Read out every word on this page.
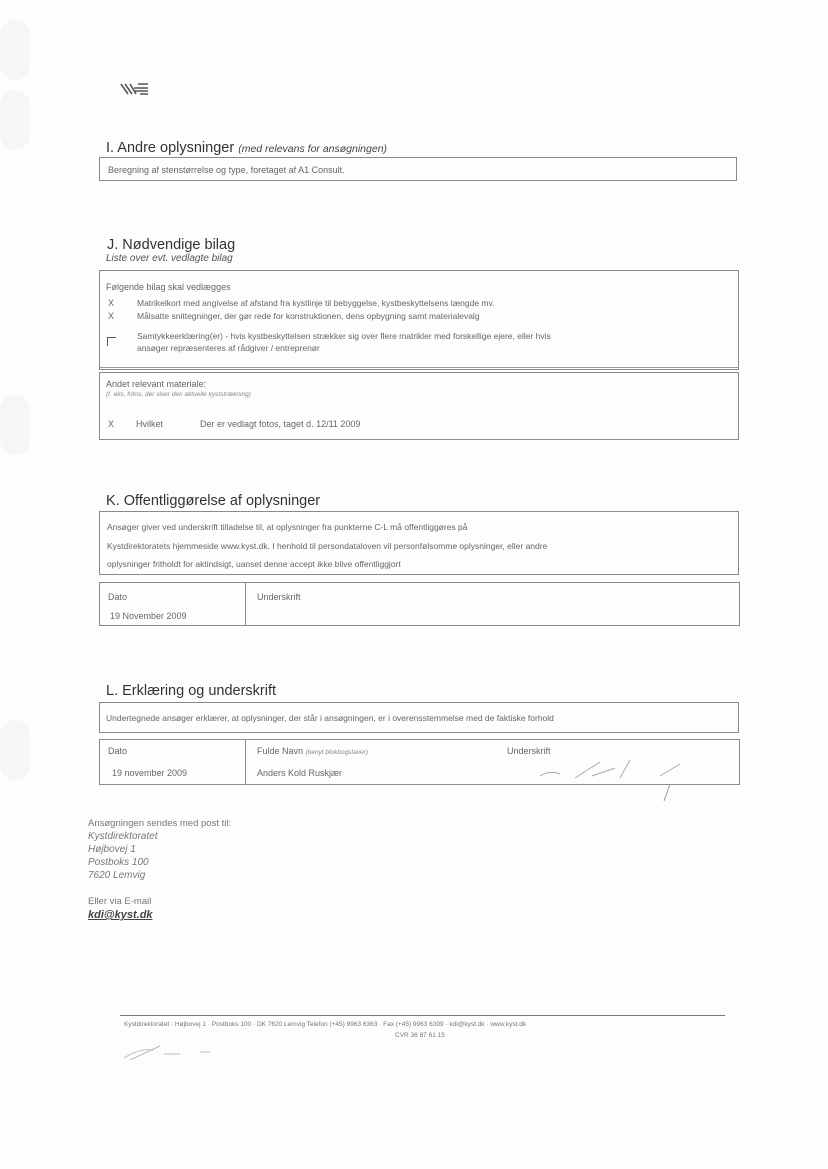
I. Andre oplysninger (med relevans for ansøgningen)
Beregning af stenstørrelse og type, foretaget af A1 Consult.
J. Nødvendige bilag
Liste over evt. vedlagte bilag
Følgende bilag skal vedlægges
X	Matrikelkort med angivelse af afstand fra kystlinje til bebyggelse, kystbeskyttelsens længde mv.
X	Målsatte snittegninger, der gør rede for konstruktionen, dens opbygning samt materialevalg
Samtykkeerklæring(er) - hvis kystbeskyttelsen strækker sig over flere matrikler med forskellige ejere, eller hvis
ansøger repræsenteres af rådgiver / entreprenør
Andet relevant materiale:
(f. eks. fotos, der viser den aktuelle kyststrækning)
X Hvilket	Der er vedlagt fotos, taget d. 12/11 2009
K. Offentliggørelse af oplysninger
Ansøger giver ved underskrift tilladelse til, at oplysninger fra punkterne C-L må offentliggøres på
Kystdirektoratets hjemmeside www.kyst.dk. I henhold til persondataloven vil personfølsomme oplysninger, eller andre
oplysninger fritholdt for aktindsigt, uanset denne accept ikke blive offentliggjort
Dato
19 November 2009
Underskrift
L. Erklæring og underskrift
Undertegnede ansøger erklærer, at oplysninger, der står i ansøgningen, er i overensstemmelse med de faktiske forhold
Dato
19 november 2009
Fulde Navn (benyt blokbogstaver)
Anders Kold Ruskjær
Underskrift
Ansøgningen sendes med post til:
Kystdirektoratet
Højbovej 1
Postboks 100
7620 Lemvig
Eller via E-mail
kdi@kyst.dk
Kystdirektoratet · Højbovej 1 · Postboks 100 · DK 7620 Lemvig Telefon (+45) 9963 6363 · Fax (+45) 9963 6399 · kdi@kyst.dk · www.kyst.dk
CVR 36 87 61 15
